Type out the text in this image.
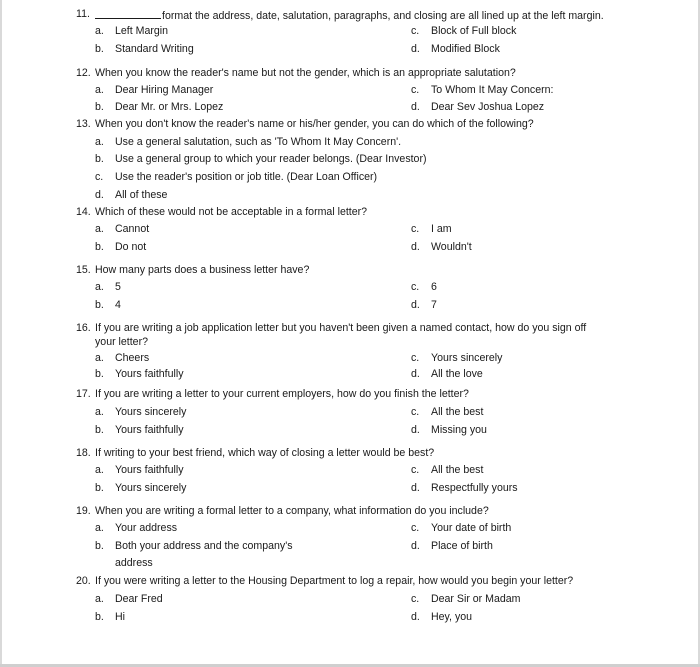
11.	format the address, date, salutation, paragraphs, and closing are all lined up at the left margin.
a. Left Margin
b. Standard Writing
c. Block of Full block
d. Modified Block
12. When you know the reader's name but not the gender, which is an appropriate salutation?
a. Dear Hiring Manager
b. Dear Mr. or Mrs. Lopez
c. To Whom It May Concern:
d. Dear Sev Joshua Lopez
13. When you don't know the reader's name or his/her gender, you can do which of the following?
a. Use a general salutation, such as 'To Whom It May Concern'.
b. Use a general group to which your reader belongs. (Dear Investor)
c. Use the reader's position or job title. (Dear Loan Officer)
d. All of these
14. Which of these would not be acceptable in a formal letter?
a. Cannot
b. Do not
c. I am
d. Wouldn't
15. How many parts does a business letter have?
a. 5
b. 4
c. 6
d. 7
16. If you are writing a job application letter but you haven't been given a named contact, how do you sign off
your letter?
a. Cheers
b. Yours faithfully
c. Yours sincerely
d. All the love
17. If you are writing a letter to your current employers, how do you finish the letter?
a. Yours sincerely
b. Yours faithfully
c. All the best
d. Missing you
18. If writing to your best friend, which way of closing a letter would be best?
a. Yours faithfully
b. Yours sincerely
c. All the best
d. Respectfully yours
19. When you are writing a formal letter to a company, what information do you include?
a. Your address
b. Both your address and the company's
address
c. Your date of birth
d. Place of birth
20. If you were writing a letter to the Housing Department to log a repair, how would you begin your letter?
a. Dear Fred
b. Hi
c. Dear Sir or Madam
d. Hey, you
